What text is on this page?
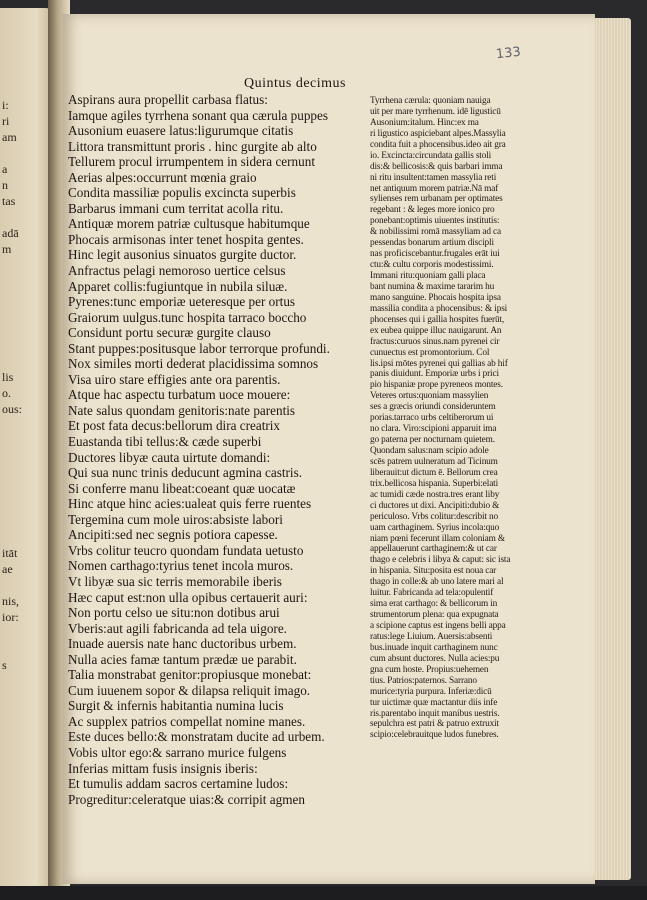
i:
ri
am
a
n
tas
adā
m
lis
o.
ous:
itāt
ae
nis,
ior:
s
133
Quintus decimus
Aspirans aura propellit carbasa flatus:
Iamque agiles tyrrhena sonant qua cærula puppes
Ausonium euasere latus:ligurumque citatis
Littora transmittunt proris . hinc gurgite ab alto
Tellurem procul irrumpentem in sidera cernunt
Aerias alpes:occurrunt mœnia graio
Condita massiliæ populis excincta superbis
Barbarus immani cum territat acolla ritu.
Antiquæ morem patriæ cultusque habitumque
Phocais armisonas inter tenet hospita gentes.
Hinc legit ausonius sinuatos gurgite ductor.
Anfractus pelagi nemoroso uertice celsus
Apparet collis:fugiuntque in nubila siluæ.
Pyrenes:tunc emporiæ ueteresque per ortus
Graiorum uulgus.tunc hospita tarraco boccho
Considunt portu securæ gurgite clauso
Stant puppes:positusque labor terrorque profundi.
Nox similes morti dederat placidissima somnos
Visa uiro stare effigies ante ora parentis.
Atque hac aspectu turbatum uoce mouere:
Nate salus quondam genitoris:nate parentis
Et post fata decus:bellorum dira creatrix
Euastanda tibi tellus:& cæde superbi
Ductores libyæ cauta uirtute domandi:
Qui sua nunc trinis deducunt agmina castris.
Si conferre manu libeat:coeant quæ uocatæ
Hinc atque hinc acies:ualeat quis ferre ruentes
Tergemina cum mole uiros:absiste labori
Ancipiti:sed nec segnis potiora capesse.
Vrbs colitur teucro quondam fundata uetusto
Nomen carthago:tyrius tenet incola muros.
Vt libyæ sua sic terris memorabile iberis
Hæc caput est:non ulla opibus certauerit auri:
Non portu celso ue situ:non dotibus arui
Vberis:aut agili fabricanda ad tela uigore.
Inuade auersis nate hanc ductoribus urbem.
Nulla acies famæ tantum prædæ ue parabit.
Talia monstrabat genitor:propiusque monebat:
Cum iuuenem sopor & dilapsa reliquit imago.
Surgit & infernis habitantia numina lucis
Ac supplex patrios compellat nomine manes.
Este duces bello:& monstratam ducite ad urbem.
Vobis ultor ego:& sarrano murice fulgens
Inferias mittam fusis insignis iberis:
Et tumulis addam sacros certamine ludos:
Progreditur:celeratque uias:& corripit agmen
Tyrrhena cærula: quoniam nauiga
uit per mare tyrrhenum. idē ligusticū
Ausonium:italum. Hinc:ex ma
ri ligustico aspiciebant alpes.Massylia
condita fuit a phocensibus.ideo ait gra
io. Excincta:circundata gallis stoli
dis:& bellicosis:& quis barbari imma
ni ritu insultent:tamen massylia reti
net antiquum morem patriæ.Nā maf
sylienses rem urbanam per optimates
regebant : & leges more ionico pro
ponebant:optimis uiuentes institutis:
& nobilissimi romā massyliam ad ca
pessendas bonarum artium discipli
nas proficiscebantur.frugales erāt iui
ctu:& cultu corporis modestissimi.
Immani ritu:quoniam galli placa
bant numina & maxime tararim hu
mano sanguine. Phocais hospita ipsa
massilia condita a phocensibus: & ipsi
phocenses qui i gallia hospites fuerūt,
ex eubea quippe illuc nauigarunt. An
fractus:curuos sinus.nam pyrenei cir
cunuectus est promontorium. Col
lis.ipsi mōtes pyrenei qui gallias ab hif
panis diuidunt. Emporiæ urbs i prici
pio hispaniæ prope pyreneos montes.
Veteres ortus:quoniam massylien
ses a græcis oriundi consideruntem
porias.tarraco urbs celtiberorum ui
no clara. Viro:scipioni apparuit ima
go paterna per nocturnam quietem.
Quondam salus:nam scipio adole
scēs patrem uulneratum ad Ticinum
liberauit:ut dictum ē. Bellorum crea
trix.bellicosa hispania. Superbi:elati
ac tumidi cæde nostra.tres erant liby
ci ductores ut dixi. Ancipiti:dubio &
periculoso. Vrbs colitur:describit no
uam carthaginem. Syrius incola:quo
niam pœni fecerunt illam coloniam &
appellauerunt carthaginem:& ut car
thago e celebris i libya & caput: sic ista
in hispania. Situ:posita est noua car
thago in colle:& ab uno latere mari al
luitur. Fabricanda ad tela:opulentif
sima erat carthago: & bellicorum in
strumentorum plena: qua expugnata
a scipione captus est ingens belli appa
ratus:lege Liuium. Auersis:absenti
bus.inuade inquit carthaginem nunc
cum absunt ductores. Nulla acies:pu
gna cum hoste. Propius:uehemen
tius. Patrios:paternos. Sarrano
murice:tyria purpura. Inferiæ:dicū
tur uictimæ quæ mactantur diis infe
ris.parentabo inquit manibus uestris.
sepulchra est patri & patruo extruxit
scipio:celebrauitque ludos funebres.
